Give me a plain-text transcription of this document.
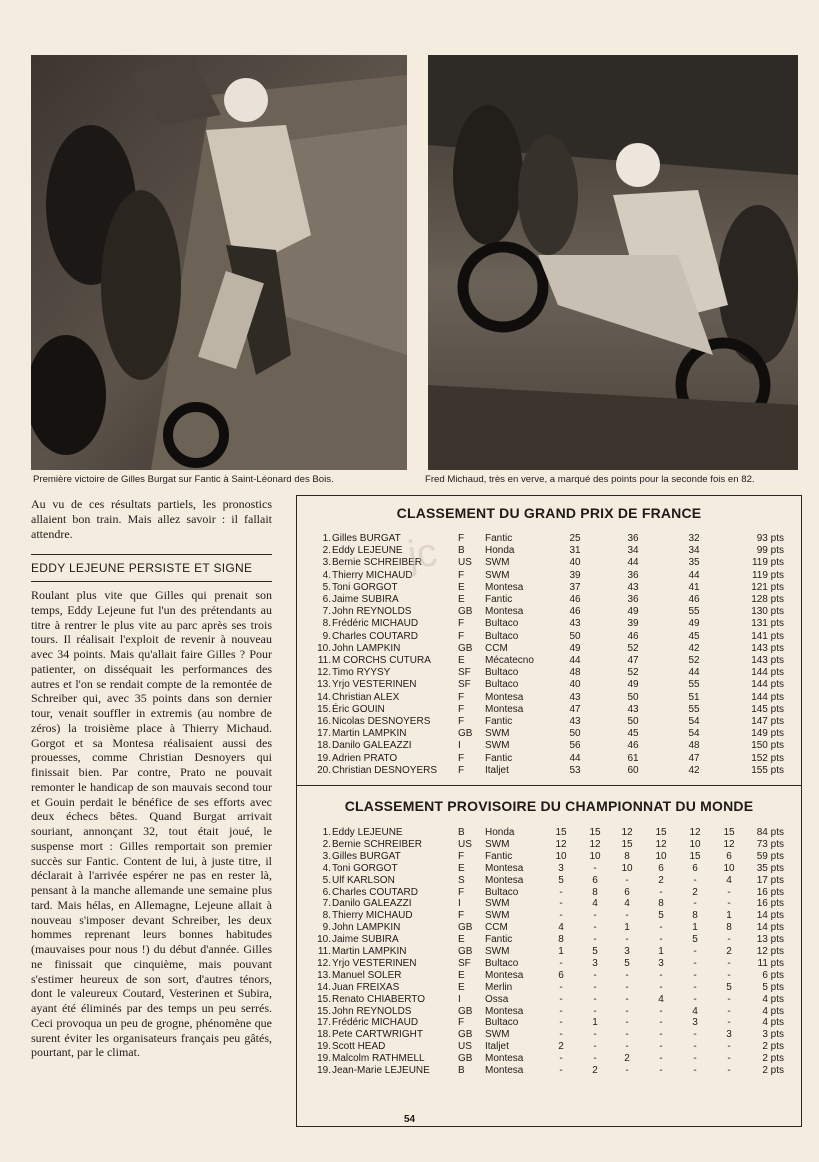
Première victoire de Gilles Burgat sur Fantic à Saint-Léonard des Bois.	Fred Michaud, très en verve, a marqué des points pour la seconde fois en 82.
Au vu de ces résultats partiels, les pronostics allaient bon train. Mais allez savoir : il fallait attendre.
EDDY LEJEUNE PERSISTE ET SIGNE
Roulant plus vite que Gilles qui prenait son temps, Eddy Lejeune fut l'un des prétendants au titre à rentrer le plus vite au parc après ses trois tours. Il réalisait l'exploit de revenir à nouveau avec 34 points. Mais qu'allait faire Gilles ? Pour patienter, on disséquait les performances des autres et l'on se rendait compte de la remontée de Schreiber qui, avec 35 points dans son dernier tour, venait souffler in extremis (au nombre de zéros) la troisième place à Thierry Michaud. Gorgot et sa Montesa réalisaient aussi des prouesses, comme Christian Desnoyers qui finissait bien. Par contre, Prato ne pouvait remonter le handicap de son mauvais second tour et Gouin perdait le bénéfice de ses efforts avec deux échecs bêtes. Quand Burgat arrivait souriant, annonçant 32, tout était joué, le suspense mort : Gilles remportait son premier succès sur Fantic. Content de lui, à juste titre, il déclarait à l'arrivée espérer ne pas en rester là, pensant à la manche allemande une semaine plus tard. Mais hélas, en Allemagne, Lejeune allait à nouveau s'imposer devant Schreiber, les deux hommes reprenant leurs bonnes habitudes (mauvaises pour nous !) du début d'année. Gilles ne finissait que cinquième, mais pouvant s'estimer heureux de son sort, d'autres ténors, dont le valeureux Coutard, Vesterinen et Subira, ayant été éliminés par des temps un peu serrés. Ceci provoqua un peu de grogne, phénomène que surent éviter les organisateurs français peu gâtés, pourtant, par le climat.
CLASSEMENT DU GRAND PRIX DE FRANCE
1. Gilles BURGAT	F Fantic	25	36	32	93 pts
2. Eddy LEJEUNE	B Honda	31	34	34	99 pts
3. Bernie SCHREIBER	US SWM	40	44	35	119 pts
4. Thierry MICHAUD	F SWM	39	36	44	119 pts
5. Toni GORGOT	E Montesa	37	43	41	121 pts
6. Jaime SUBIRA	E Fantic	46	36	46	128 pts
7. John REYNOLDS	GB Montesa	46	49	55	130 pts
8. Frédéric MICHAUD	F Bultaco	43	39	49	131 pts
9. Charles COUTARD	F Bultaco	50	46	45	141 pts
10. John LAMPKIN	GB CCM	49	52	42	143 pts
11. M CORCHS CUTURA	E Mécatecno	44	47	52	143 pts
12. Timo RYYSY	SF Bultaco	48	52	44	144 pts
13. Yrjo VESTERINEN	SF Bultaco	40	49	55	144 pts
14. Christian ALEX	F Montesa	43	50	51	144 pts
15. Éric GOUIN	F Montesa	47	43	55	145 pts
16. Nicolas DESNOYERS	F Fantic	43	50	54	147 pts
17. Martin LAMPKIN	GB SWM	50	45	54	149 pts
18. Danilo GALEAZZI	I SWM	56	46	48	150 pts
19. Adrien PRATO	F Fantic	44	61	47	152 pts
20. Christian DESNOYERS F Italjet	53	60	42	155 pts
CLASSEMENT PROVISOIRE DU CHAMPIONNAT DU MONDE
1. Eddy LEJEUNE	B Honda	15	15	12	15	12	15	84 pts
2. Bernie SCHREIBER	US SWM	12	12	15	12	10	12	73 pts
3. Gilles BURGAT	F Fantic	10	10	8	10	15	6	59 pts
4. Toni GORGOT	E Montesa	3	-	10	6	6	10	35 pts
5. Ulf KARLSON	S Montesa	5	6	-	2	-	4	17 pts
6. Charles COUTARD	F Bultaco	-	8	6	-	2	-	16 pts
7. Danilo GALEAZZI	I SWM	-	4	4	8	-	-	16 pts
8. Thierry MICHAUD	F SWM	-	-	-	5	8	1	14 pts
9. John LAMPKIN	GB CCM	4	-	1	-	1	8	14 pts
10. Jaime SUBIRA	E Fantic	8	-	-	-	5	-	13 pts
11. Martin LAMPKIN	GB SWM	1	5	3	1	-	2	12 pts
12. Yrjo VESTERINEN	SF Bultaco	-	3	5	3	-	-	11 pts
13. Manuel SOLER	E Montesa	6	-	-	-	-	-	6 pts
14. Juan FREIXAS	E Merlin	-	-	-	-	-	5	5 pts
15. Renato CHIABERTO	I Ossa	-	-	-	4	-	-	4 pts
15. John REYNOLDS	GB Montesa	-	-	-	-	4	-	4 pts
17. Frédéric MICHAUD	F Bultaco	-	1	-	-	3	-	4 pts
18. Pete CARTWRIGHT	GB SWM	-	-	-	-	-	3	3 pts
19. Scott HEAD	US Italjet	2	-	-	-	-	-	2 pts
19. Malcolm RATHMELL	GB Montesa	-	-	2	-	-	-	2 pts
19. Jean-Marie LEJEUNE	B Montesa	-	2	-	-	-	-	2 pts
jc
54
